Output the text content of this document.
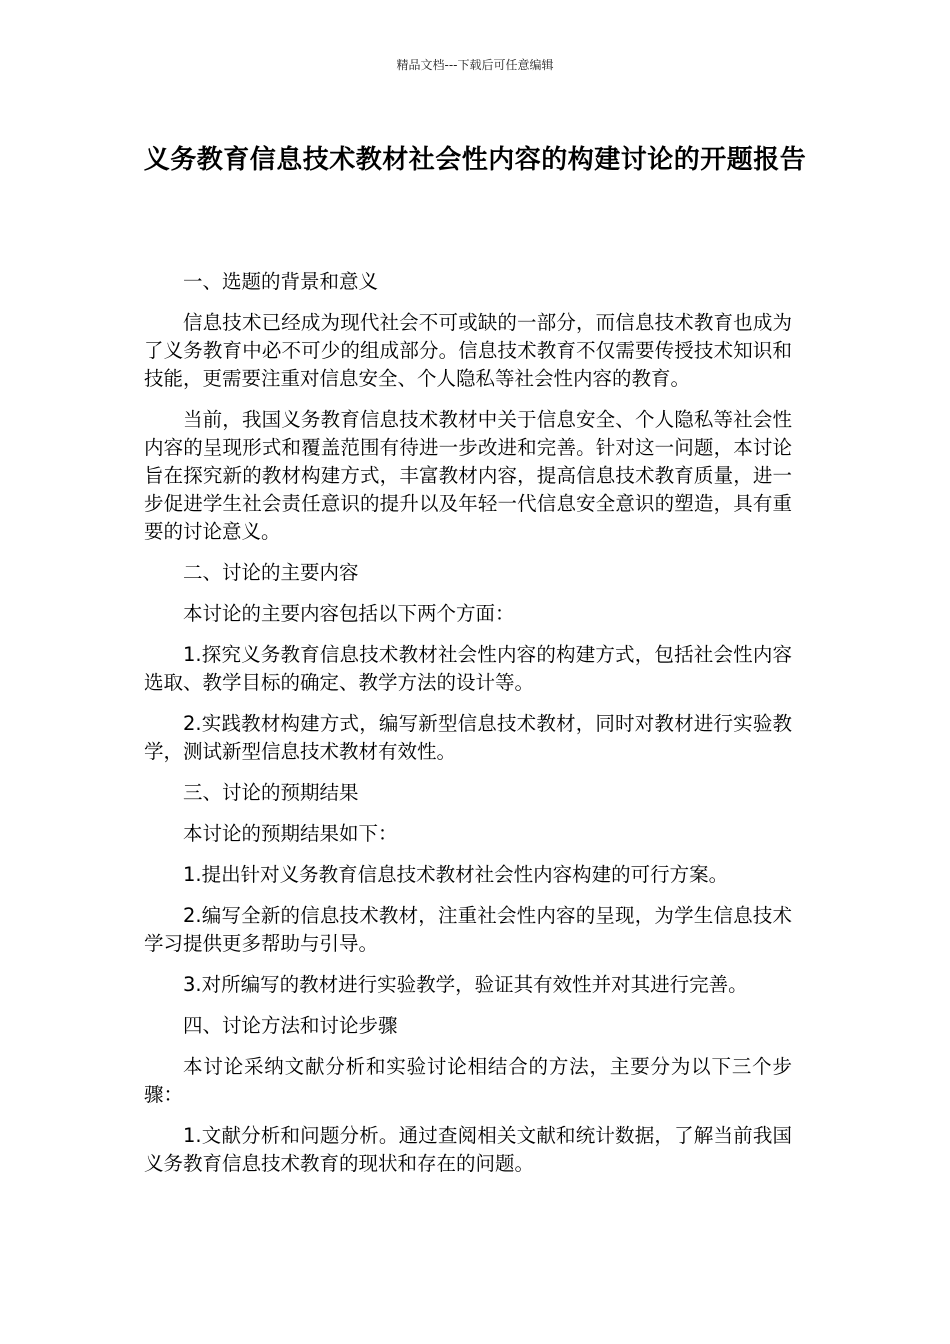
精品文档---下载后可任意编辑
义务教育信息技术教材社会性内容的构建讨论的开题报告

一、选题的背景和意义

信息技术已经成为现代社会不可或缺的一部分，而信息技术教育也成为了义务教育中必不可少的组成部分。信息技术教育不仅需要传授技术知识和技能，更需要注重对信息安全、个人隐私等社会性内容的教育。

当前，我国义务教育信息技术教材中关于信息安全、个人隐私等社会性内容的呈现形式和覆盖范围有待进一步改进和完善。针对这一问题，本讨论旨在探究新的教材构建方式，丰富教材内容，提高信息技术教育质量，进一步促进学生社会责任意识的提升以及年轻一代信息安全意识的塑造，具有重要的讨论意义。

二、讨论的主要内容

本讨论的主要内容包括以下两个方面：

1.探究义务教育信息技术教材社会性内容的构建方式，包括社会性内容选取、教学目标的确定、教学方法的设计等。

2.实践教材构建方式，编写新型信息技术教材，同时对教材进行实验教学，测试新型信息技术教材有效性。

三、讨论的预期结果

本讨论的预期结果如下：

1.提出针对义务教育信息技术教材社会性内容构建的可行方案。

2.编写全新的信息技术教材，注重社会性内容的呈现，为学生信息技术学习提供更多帮助与引导。

3.对所编写的教材进行实验教学，验证其有效性并对其进行完善。

四、讨论方法和讨论步骤

本讨论采纳文献分析和实验讨论相结合的方法，主要分为以下三个步骤：

1.文献分析和问题分析。通过查阅相关文献和统计数据，了解当前我国义务教育信息技术教育的现状和存在的问题。
